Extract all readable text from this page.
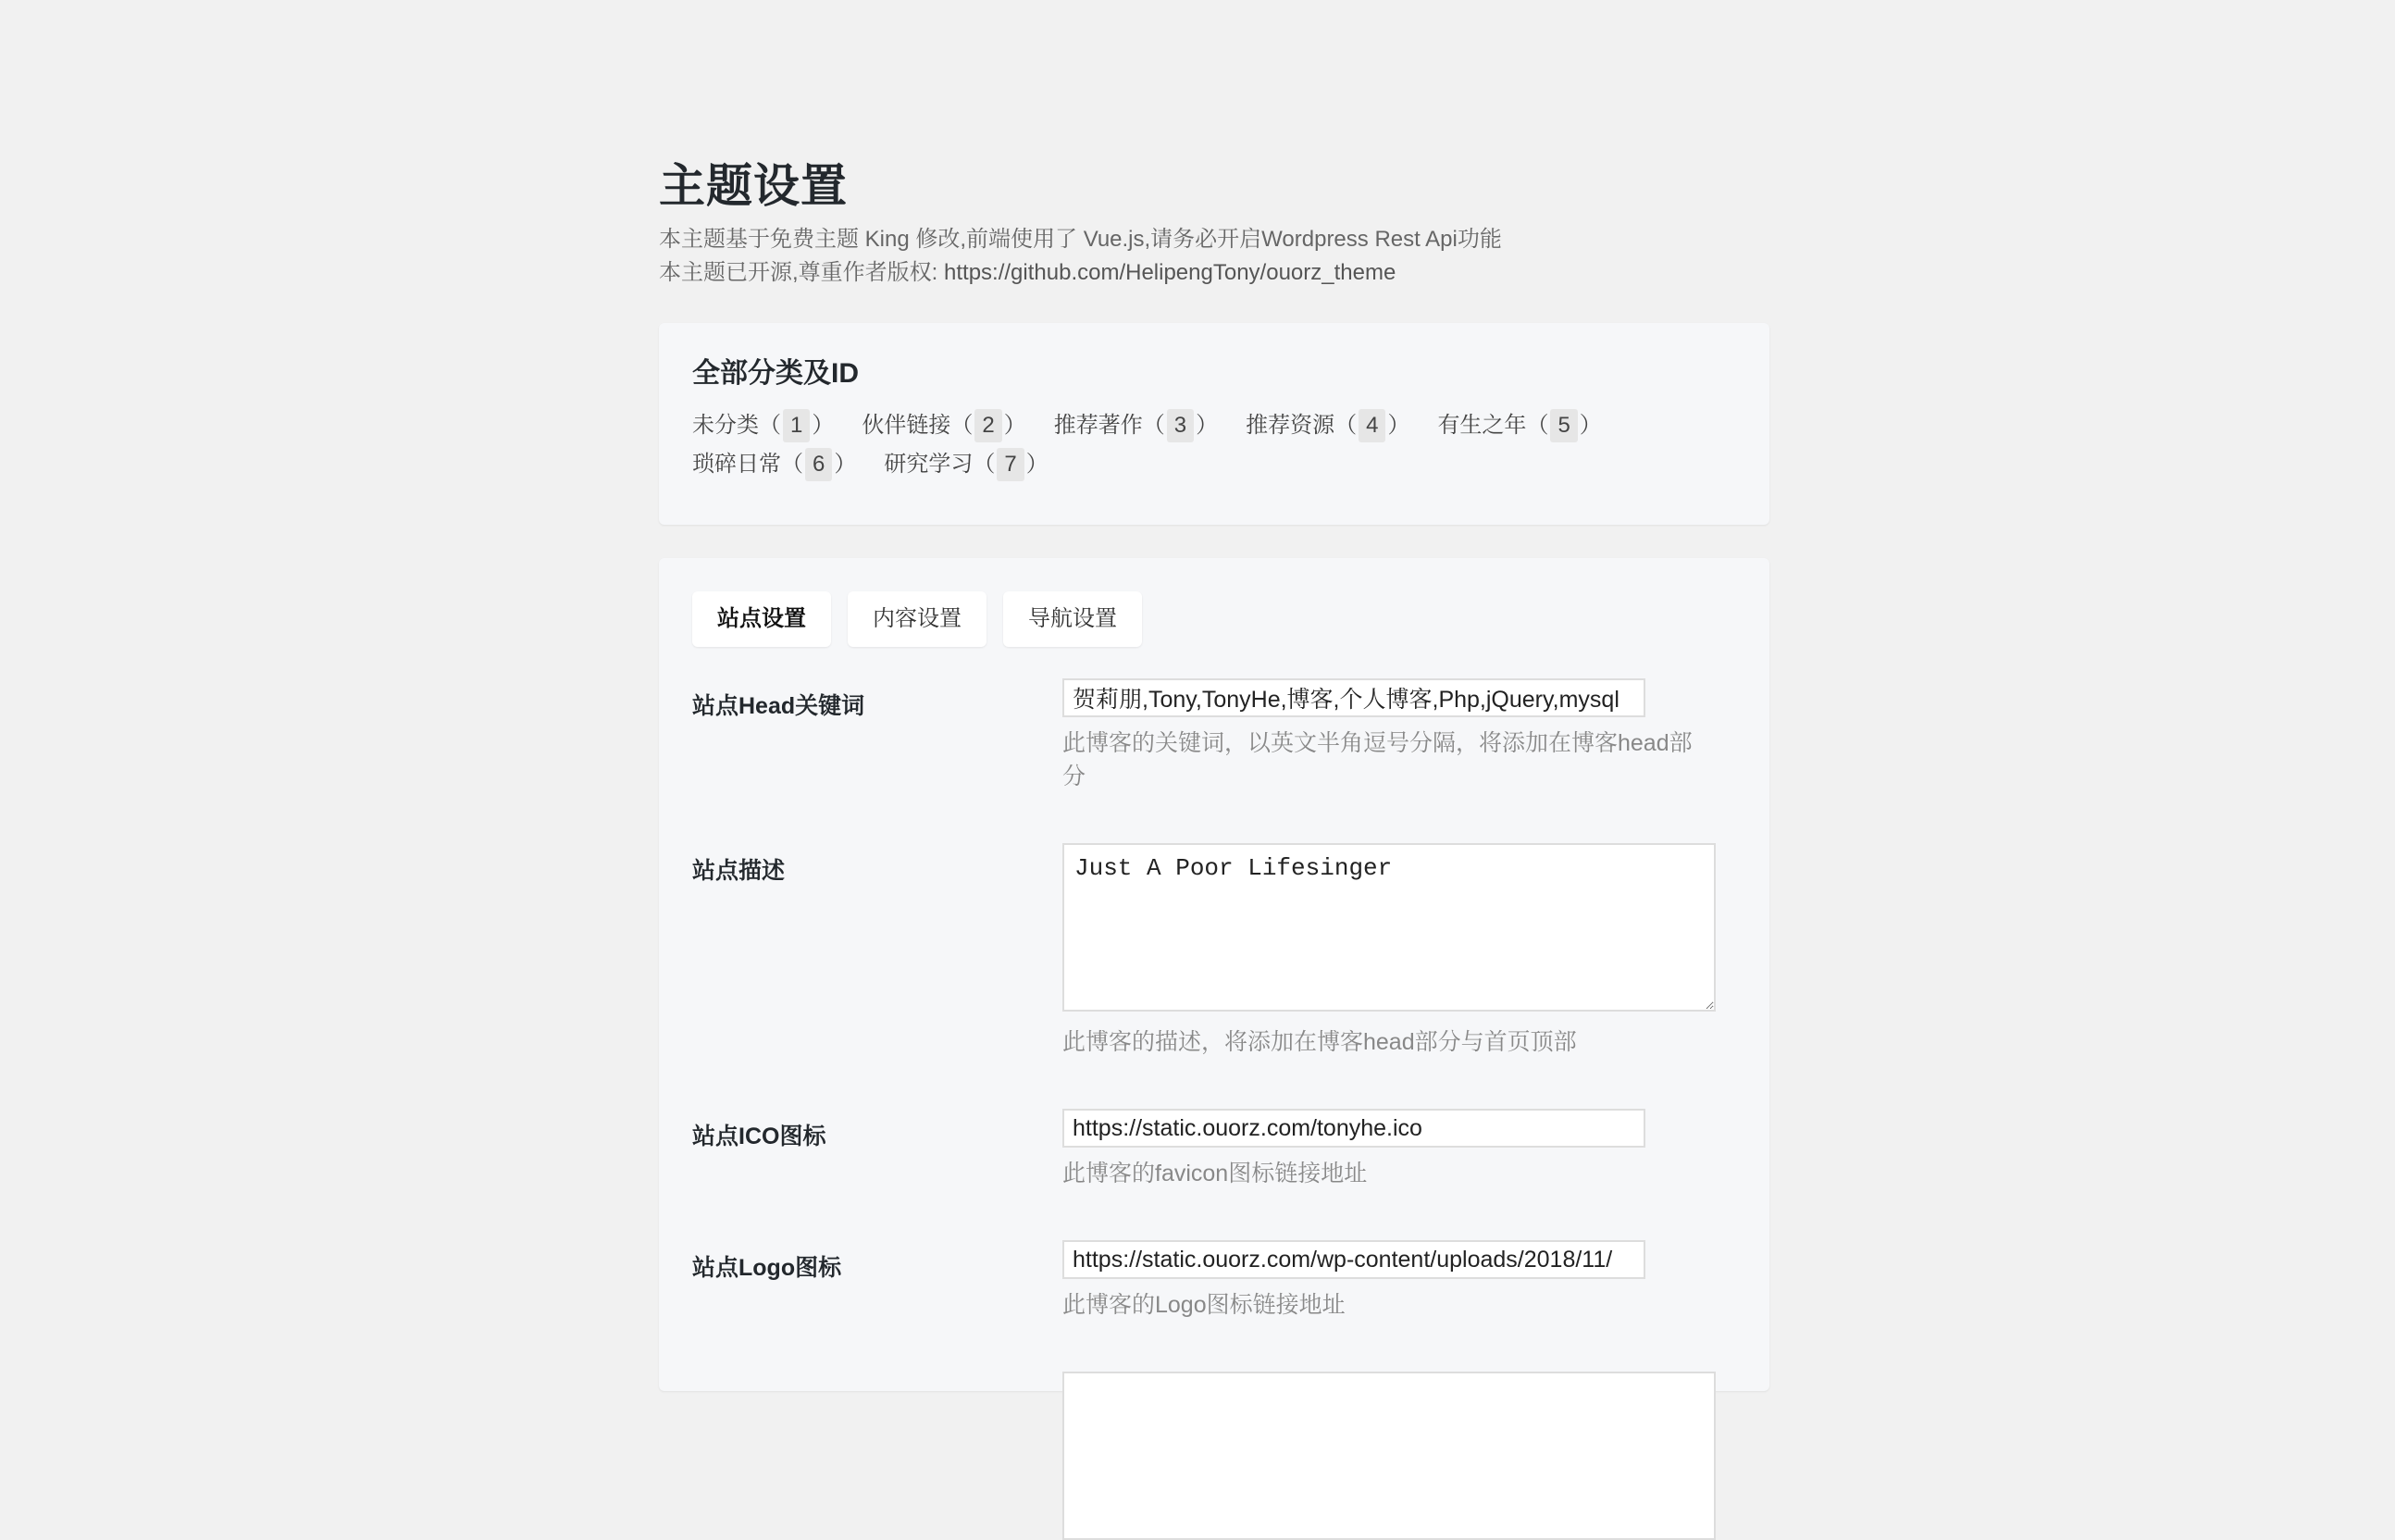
主题设置
本主题基于免费主题 King 修改,前端使用了 Vue.js,请务必开启Wordpress Rest Api功能
本主题已开源,尊重作者版权: https://github.com/HelipengTony/ouorz_theme
全部分类及ID
未分类（ 1 ） 伙伴链接（ 2 ） 推荐著作（ 3 ） 推荐资源（ 4 ） 有生之年（ 5 ）
琐碎日常（ 6 ） 研究学习（ 7 ）
站点设置	内容设置	导航设置
站点Head关键词
贺莉朋,Tony,TonyHe,博客,个人博客,Php,jQuery,mysql
此博客的关键词，以英文半角逗号分隔，将添加在博客head部分
站点描述
Just A Poor Lifesinger
此博客的描述，将添加在博客head部分与首页顶部
站点ICO图标
https://static.ouorz.com/tonyhe.ico
此博客的favicon图标链接地址
站点Logo图标
https://static.ouorz.com/wp-content/uploads/2018/11/
此博客的Logo图标链接地址
